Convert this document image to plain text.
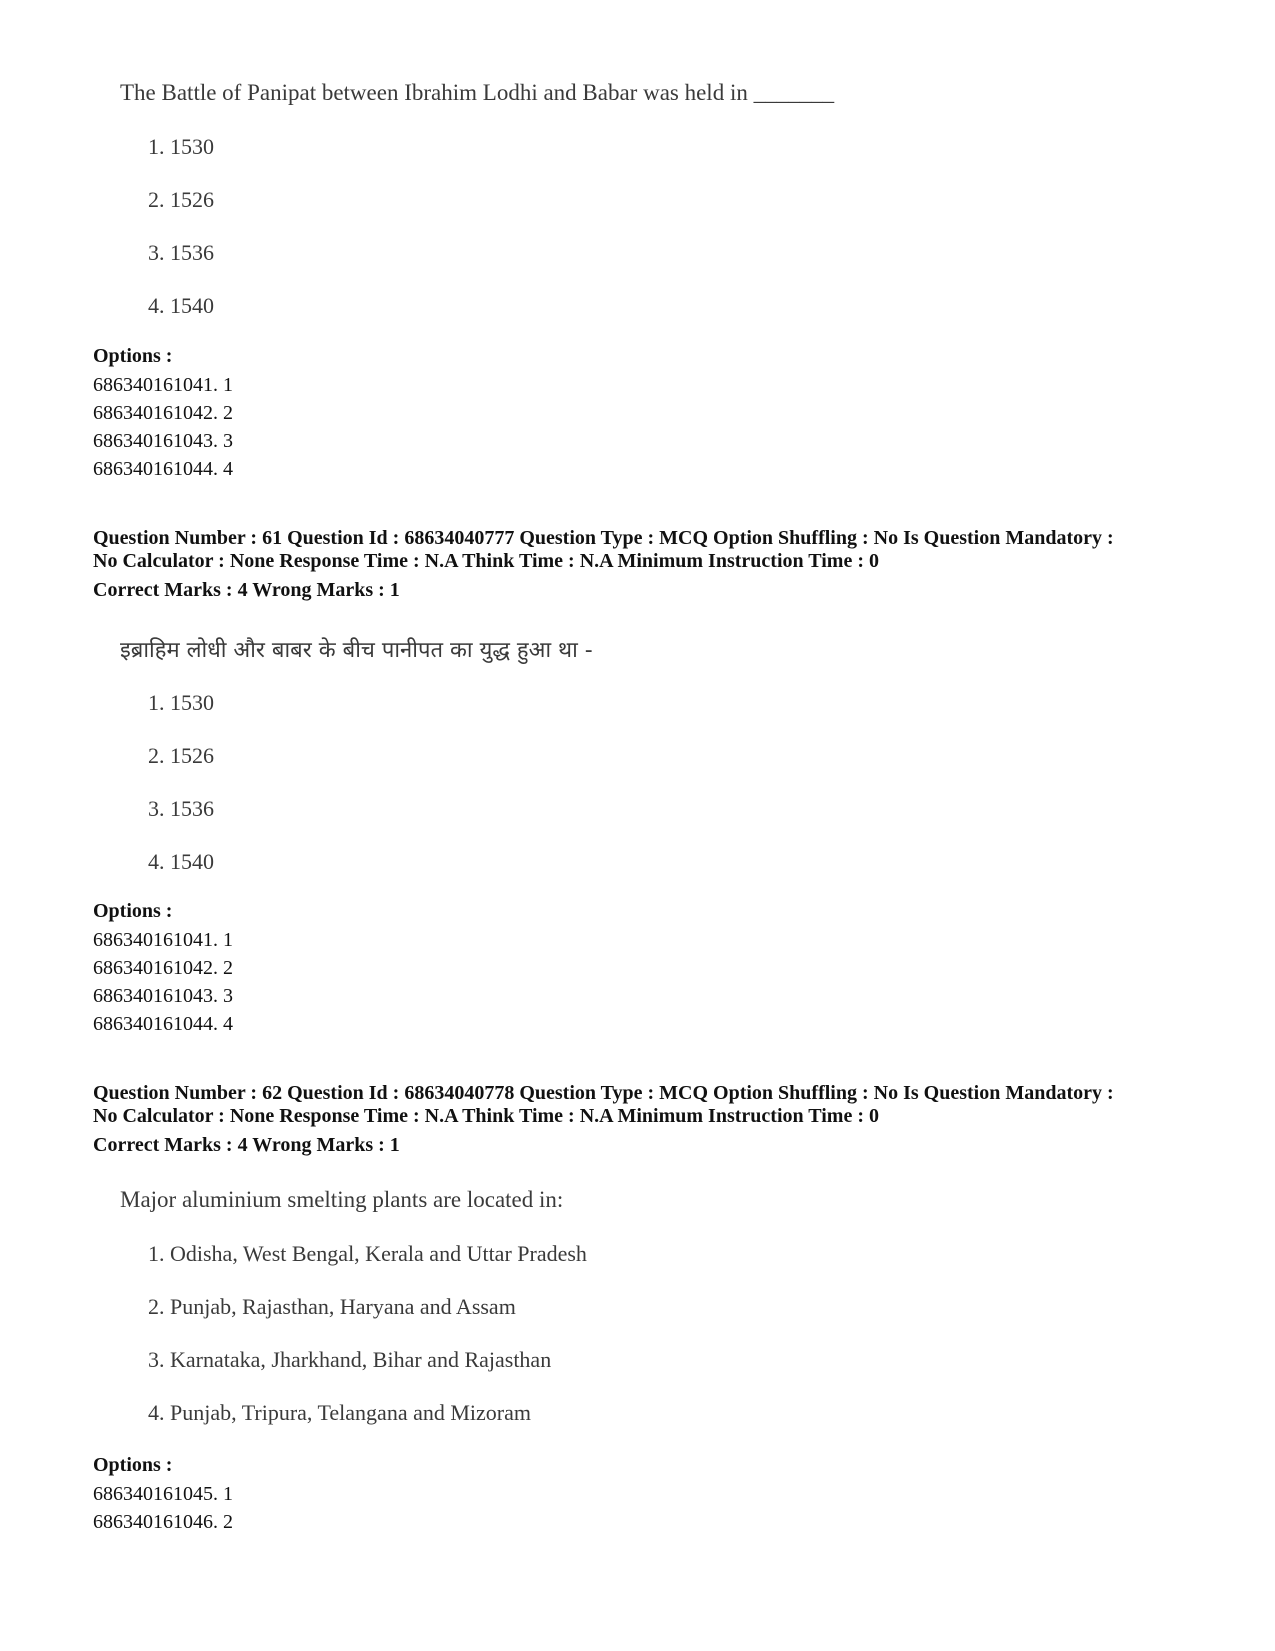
The Battle of Panipat between Ibrahim Lodhi and Babar was held in _______
1. 1530
2. 1526
3. 1536
4. 1540
Options :
686340161041. 1
686340161042. 2
686340161043. 3
686340161044. 4
Question Number : 61 Question Id : 68634040777 Question Type : MCQ Option Shuffling : No Is Question Mandatory :
No Calculator : None Response Time : N.A Think Time : N.A Minimum Instruction Time : 0
Correct Marks : 4 Wrong Marks : 1
इब्राहिम लोधी और बाबर के बीच पानीपत का युद्ध हुआ था -
1. 1530
2. 1526
3. 1536
4. 1540
Options :
686340161041. 1
686340161042. 2
686340161043. 3
686340161044. 4
Question Number : 62 Question Id : 68634040778 Question Type : MCQ Option Shuffling : No Is Question Mandatory :
No Calculator : None Response Time : N.A Think Time : N.A Minimum Instruction Time : 0
Correct Marks : 4 Wrong Marks : 1
Major aluminium smelting plants are located in:
1. Odisha, West Bengal, Kerala and Uttar Pradesh
2. Punjab, Rajasthan, Haryana and Assam
3. Karnataka, Jharkhand, Bihar and Rajasthan
4. Punjab, Tripura, Telangana and Mizoram
Options :
686340161045. 1
686340161046. 2
